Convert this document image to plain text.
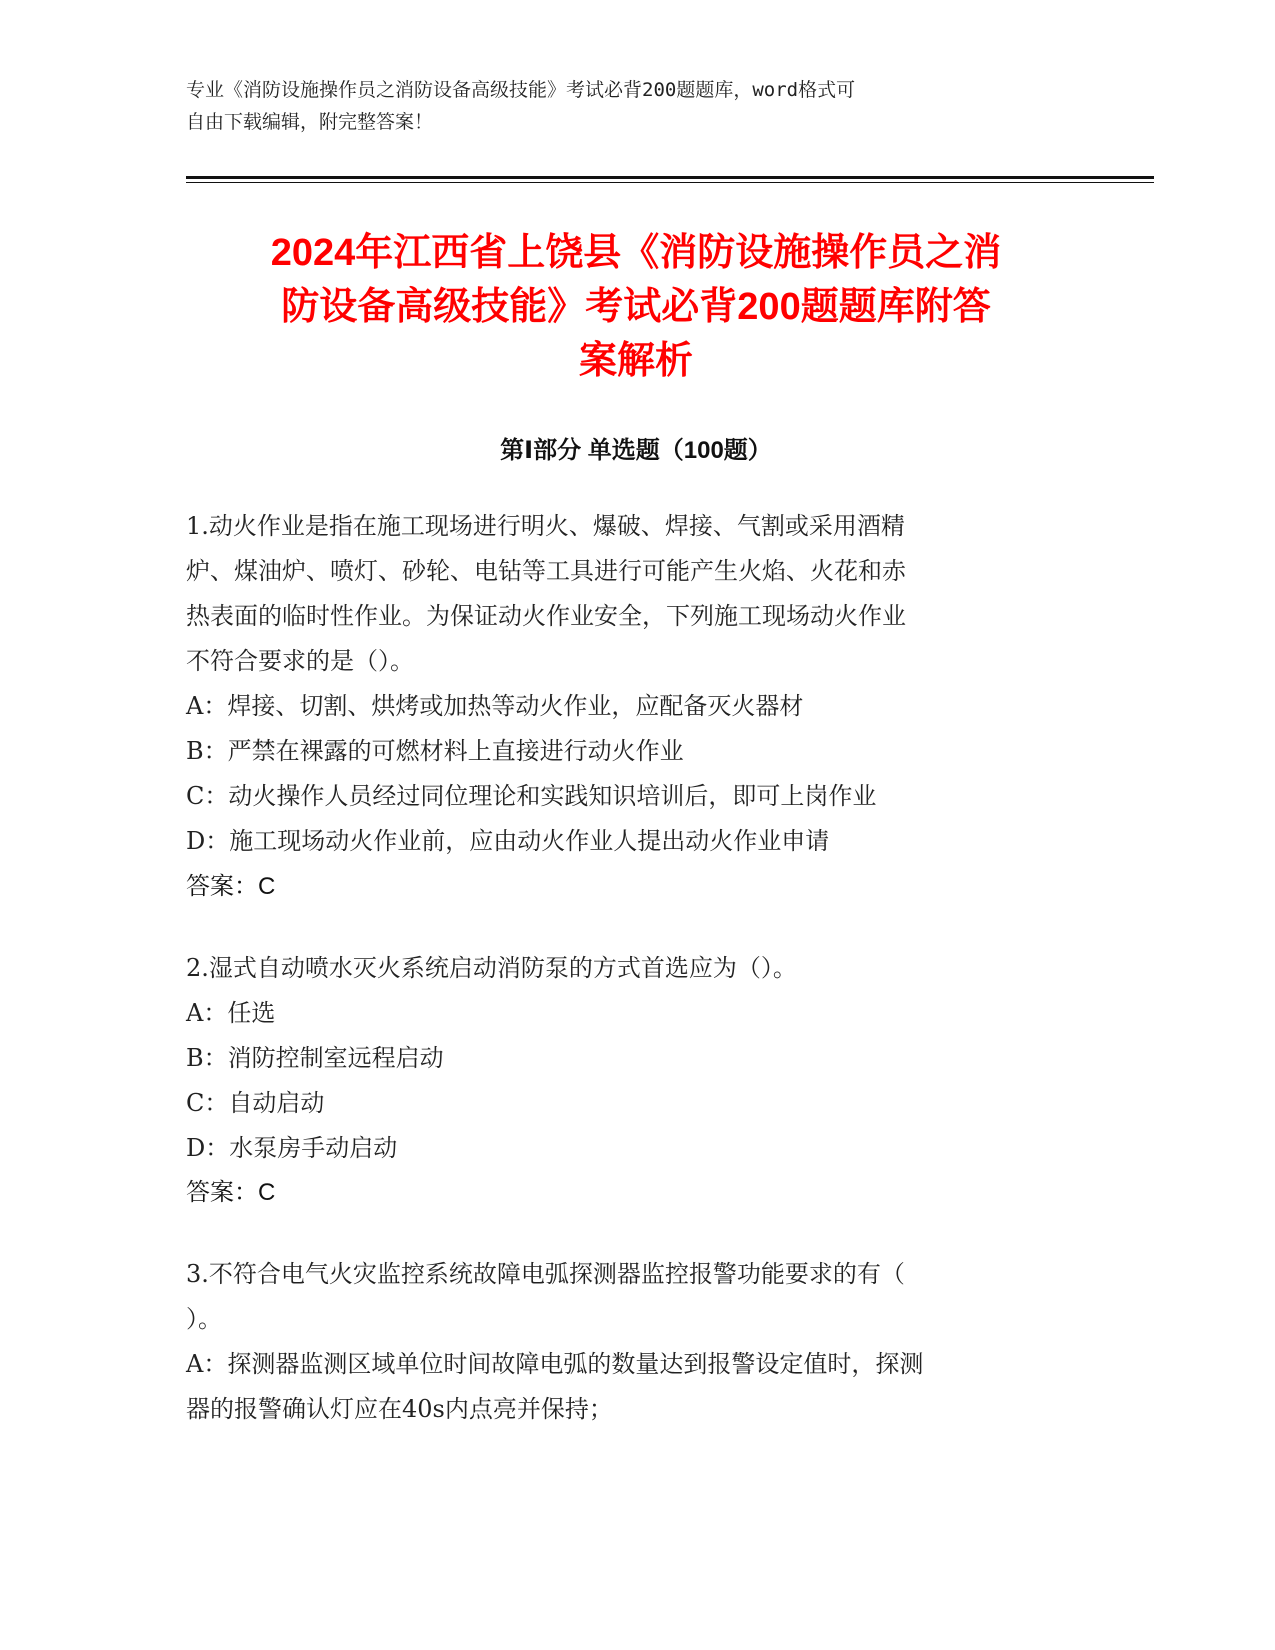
专业《消防设施操作员之消防设备高级技能》考试必背200题题库，word格式可
自由下载编辑，附完整答案！
2024年江西省上饶县《消防设施操作员之消
防设备高级技能》考试必背200题题库附答
案解析
第Ⅰ部分 单选题（100题）
1.动火作业是指在施工现场进行明火、爆破、焊接、气割或采用酒精
炉、煤油炉、喷灯、砂轮、电钻等工具进行可能产生火焰、火花和赤
热表面的临时性作业。为保证动火作业安全，下列施工现场动火作业
不符合要求的是（）。
A：焊接、切割、烘烤或加热等动火作业，应配备灭火器材
B：严禁在裸露的可燃材料上直接进行动火作业
C：动火操作人员经过同位理论和实践知识培训后，即可上岗作业
D：施工现场动火作业前，应由动火作业人提出动火作业申请
答案：C
2.湿式自动喷水灭火系统启动消防泵的方式首选应为（）。
A：任选
B：消防控制室远程启动
C：自动启动
D：水泵房手动启动
答案：C
3.不符合电气火灾监控系统故障电弧探测器监控报警功能要求的有（
）。
A：探测器监测区域单位时间故障电弧的数量达到报警设定值时，探测
器的报警确认灯应在40s内点亮并保持；
